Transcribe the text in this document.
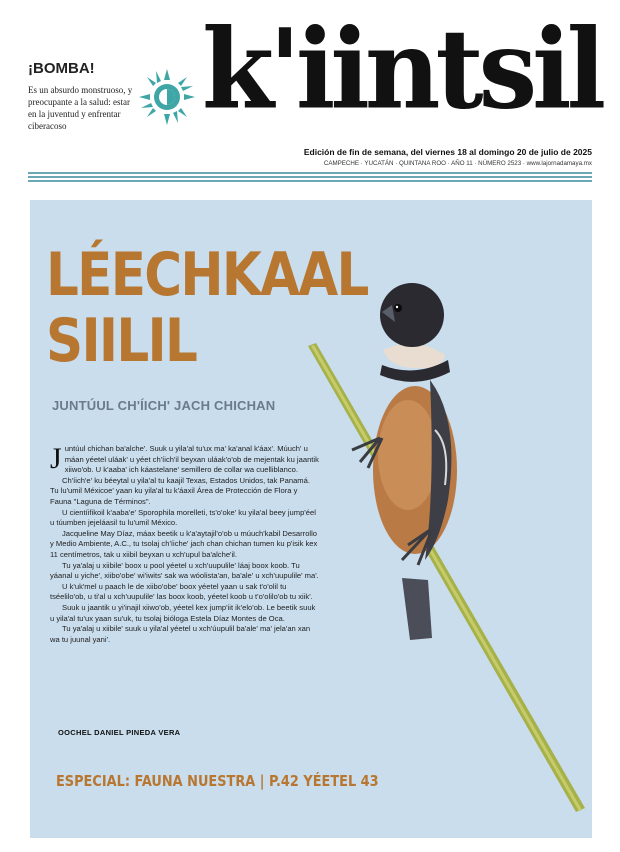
¡BOMBA!
Es un absurdo monstruoso, y preocupante a la salud: estar en la juventud y enfrentar ciberacoso	k'iintsil
Edición de fin de semana, del viernes 18 al domingo 20 de julio de 2025
CAMPECHE · YUCATÁN · QUINTANA ROO · AÑO 11 · NÚMERO 2523 · www.lajornadamaya.mx
LÉECHKAAL SIILIL
JUNTÚUL CH'ÍICH' JACH CHICHAN

Juntúul chichan ba'alche'. Suuk u yila'al tu'ux ma' ka'anal k'áax'. Múuch' u máan yéetel uláak' u yéet ch'íich'il beyxan uláak'o'ob de mejentak ku jaantik xiiwo'ob. U k'aaba' ich káastelane' semillero de collar wa cuelliblanco.

Ch'íich'e' ku béeytal u yila'al tu kaajil Texas, Estados Unidos, tak Panamá. Tu lu'umil Méxicoe' yaan ku yila'al tu k'áaxil Área de Protección de Flora y Fauna "Laguna de Términos".

U cientíifikoil k'aaba'e' Sporophila morelleti, ts'o'oke' ku yila'al beey jump'éel u túumben jejeláasil tu lu'umil México.

Jacqueline May Díaz, máax beetik u k'a'aytajil'o'ob u múuch'kabil Desarrollo y Medio Ambiente, A.C., tu tsolaj ch'íiche' jach chan chichan tumen ku p'isik kex 11 centímetros, tak u xiibil beyxan u xch'upul ba'alche'il.

Tu ya'alaj u xiibile' boox u pool yéetel u xch'uupulile' láaj boox koob. Tu yáanal u yiche', xiibo'obe' wi'iwits' sak wa wóolista'an, ba'ale' u xch'uupulile' ma'.

U k'uk'mel u paach le de xiibo'obe' boox yéetel yaan u sak t'o'olil tu tséelilo'ob, u ti'al u xch'uupulile' las boox koob, yéetel koob u t'o'olilo'ob tu xiik'.

Suuk u jaantik u yi'inajil xiiwo'ob, yéetel kex jump'iit ik'elo'ob. Le beetik suuk u yila'al tu'ux yaan su'uk, tu tsolaj bióloga Estela Díaz Montes de Oca.

Tu ya'alaj u xiibile' suuk u yila'al yéetel u xch'úupulil ba'ale' ma' jela'an xan wa tu juunal yani'.

OOCHEL DANIEL PINEDA VERA
ESPECIAL: FAUNA NUESTRA | P.42 YÉETEL 43
